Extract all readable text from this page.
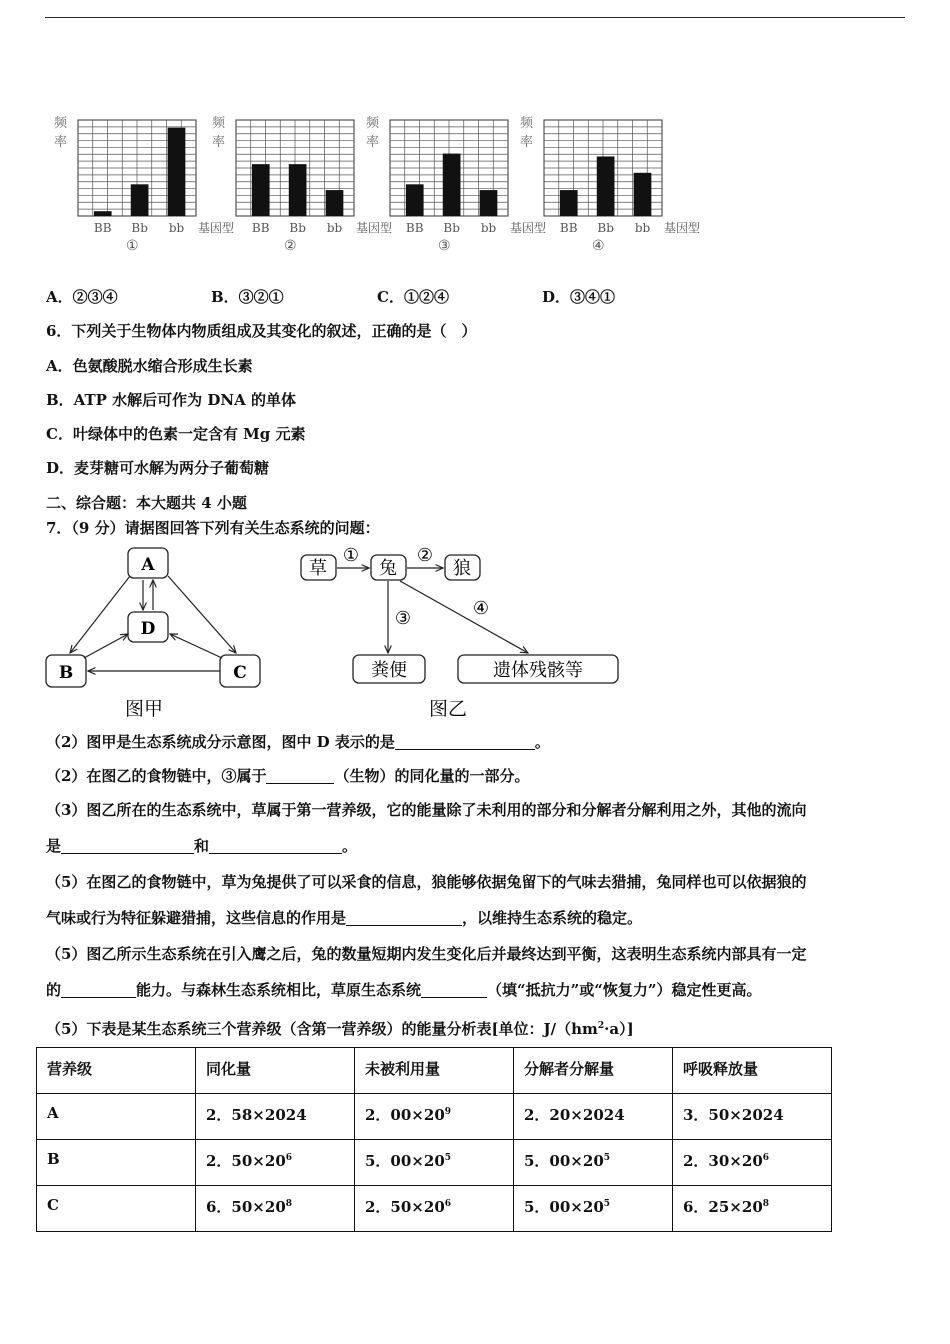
频率
BB Bb bb 基因型
①
频率
BB Bb bb 基因型
②
频率
BB Bb bb 基因型
③
频率
BB Bb bb 基因型
④
A．②③④	B．③②①	C．①②④	D．③④①
6．下列关于生物体内物质组成及其变化的叙述，正确的是（　）
A．色氨酸脱水缩合形成生长素
B．ATP 水解后可作为 DNA 的单体
C．叶绿体中的色素一定含有 Mg 元素
D．麦芽糖可水解为两分子葡萄糖
二、综合题：本大题共 4 小题
7．（9 分）请据图回答下列有关生态系统的问题：
A
D
B	C
图甲
草	兔	狼
粪便	遗体残骸等
①	②
③	④
图乙
（2）图甲是生态系统成分示意图，图中 D 表示的是	。
（2）在图乙的食物链中，③属于	（生物）的同化量的一部分。
（3）图乙所在的生态系统中，草属于第一营养级，它的能量除了未利用的部分和分解者分解利用之外，其他的流向
是	和	。
（5）在图乙的食物链中，草为兔提供了可以采食的信息，狼能够依据兔留下的气味去猎捕，兔同样也可以依据狼的
气味或行为特征躲避猎捕，这些信息的作用是	，以维持生态系统的稳定。
（5）图乙所示生态系统在引入鹰之后，兔的数量短期内发生变化后并最终达到平衡，这表明生态系统内部具有一定
的	能力。与森林生态系统相比，草原生态系统	（填“抵抗力”或“恢复力”）稳定性更高。
（5）下表是某生态系统三个营养级（含第一营养级）的能量分析表[单位：$J/(hm^2\cdot a)$]
营养级	同化量	未被利用量	分解者分解量	呼吸释放量
A	2．58×2024	2．$00\times 20^9$	2．20×2024	3．50×2024
B	2．$50\times 20^6$	5．$00\times 20^5$	5．$00\times 20^5$	2．$30\times 20^6$
C	6．$50\times 20^8$	2．$50\times 20^6$	5．$00\times 20^5$	6．$25\times 20^8$
